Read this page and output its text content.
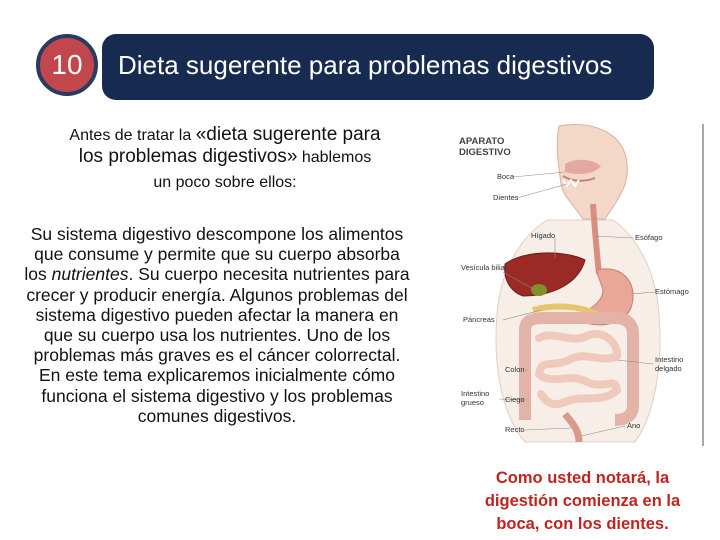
10 Dieta sugerente para problemas digestivos
Antes de tratar la «dieta sugerente para
los problemas digestivos» hablemos
un poco sobre ellos:

Su sistema digestivo descompone los alimentos que consume y permite que su cuerpo absorba los nutrientes. Su cuerpo necesita nutrientes para crecer y producir energía. Algunos problemas del sistema digestivo pueden afectar la manera en que su cuerpo usa los nutrientes. Uno de los problemas más graves es el cáncer colorrectal.

En este tema explicaremos inicialmente cómo funciona el sistema digestivo y los problemas comunes digestivos.

APARATO
DIGESTIVO
Boca
Dientes
Hígado	Esófago
Vesícula biliar
Estómago
Páncreas
Intestino
delgado
Colon
Intestino
grueso	Ciego
Recto	Ano
Como usted notará, la digestión comienza en la boca, con los dientes.
